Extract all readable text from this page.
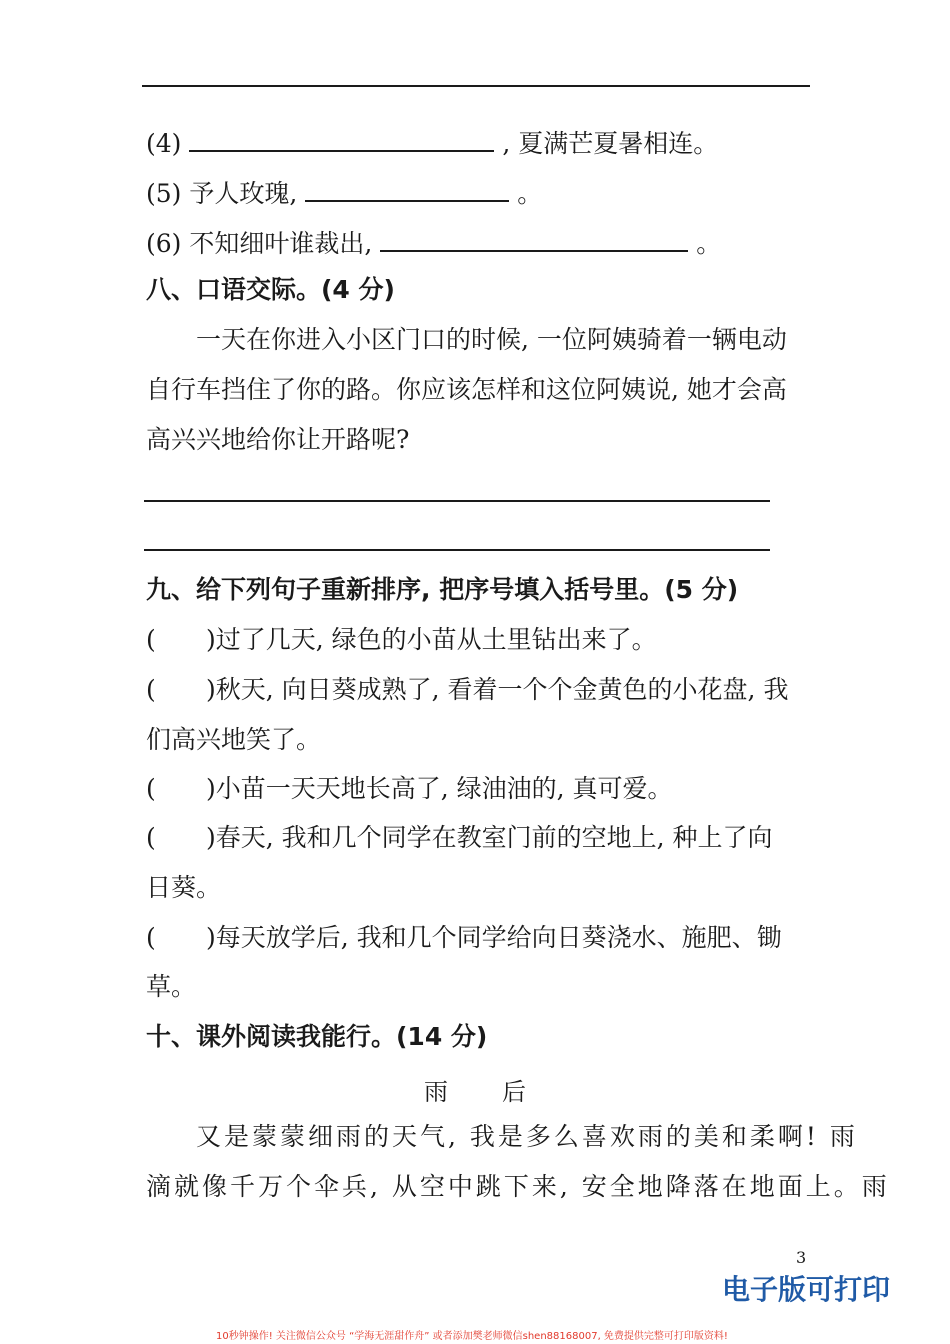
(4)	, 夏满芒夏暑相连。
(5) 予人玫瑰,	。
(6) 不知细叶谁裁出,	。
八、口语交际。(4 分)
一天在你进入小区门口的时候, 一位阿姨骑着一辆电动
自行车挡住了你的路。你应该怎样和这位阿姨说, 她才会高
高兴兴地给你让开路呢?
九、给下列句子重新排序, 把序号填入括号里。(5 分)
( )过了几天, 绿色的小苗从土里钻出来了。
( )秋天, 向日葵成熟了, 看着一个个金黄色的小花盘, 我
们高兴地笑了。
( )小苗一天天地长高了, 绿油油的, 真可爱。
( )春天, 我和几个同学在教室门前的空地上, 种上了向
日葵。
( )每天放学后, 我和几个同学给向日葵浇水、施肥、锄
草。
十、课外阅读我能行。(14 分)
雨　　后
又是蒙蒙细雨的天气, 我是多么喜欢雨的美和柔啊! 雨
滴就像千万个伞兵, 从空中跳下来, 安全地降落在地面上。雨
3
电子版可打印
10秒钟操作! 关注微信公众号 “学海无涯甜作舟” 或者添加樊老师微信shen88168007, 免费提供完整可打印版资料!
